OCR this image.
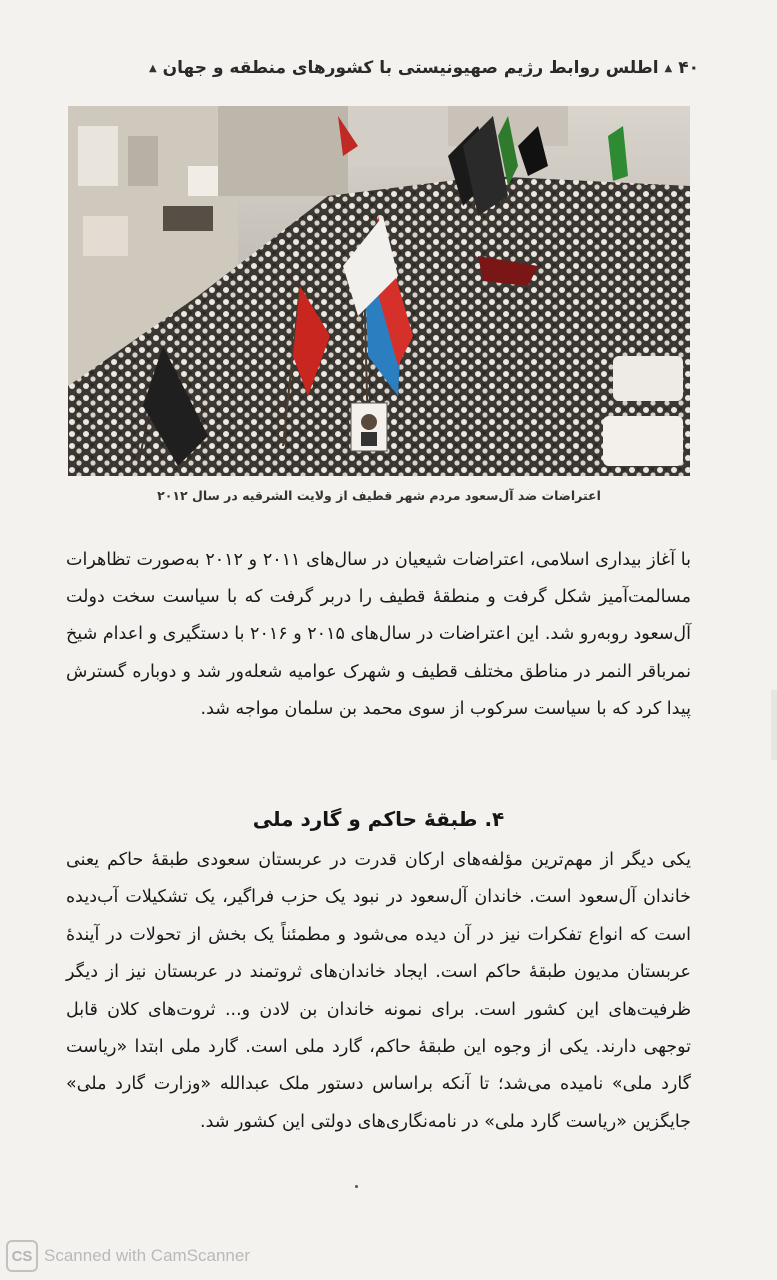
۴۰
▲
اطلس روابط رژیم صهیونیستی با کشورهای منطقه و جهان
▲
اعتراضات ضد آل‌سعود مردم شهر قطیف از ولایت الشرقیه در سال ۲۰۱۲
با آغاز بیداری اسلامی، اعتراضات شیعیان در سال‌های ۲۰۱۱ و ۲۰۱۲ به‌صورت تظاهرات مسالمت‌آمیز شکل گرفت و منطقهٔ قطیف را دربر گرفت که با سیاست سخت دولت آل‌سعود روبه‌رو شد. این اعتراضات در سال‌های ۲۰۱۵ و ۲۰۱۶ با دستگیری و اعدام شیخ نمرباقر النمر در مناطق مختلف قطیف و شهرک عوامیه شعله‌ور شد و دوباره گسترش پیدا کرد که با سیاست سرکوب از سوی محمد بن سلمان مواجه شد.
۴. طبقهٔ حاکم و گارد ملی
یکی دیگر از مهم‌ترین مؤلفه‌های ارکان قدرت در عربستان سعودی طبقهٔ حاکم یعنی خاندان آل‌سعود است. خاندان آل‌سعود در نبود یک حزب فراگیر، یک تشکیلات آب‌دیده است که انواع تفکرات نیز در آن دیده می‌شود و مطمئناً یک بخش از تحولات در آیندهٔ عربستان مدیون طبقهٔ حاکم است. ایجاد خاندان‌های ثروتمند در عربستان نیز از دیگر ظرفیت‌های این کشور است. برای نمونه خاندان بن لادن و... ثروت‌های کلان قابل توجهی دارند. یکی از وجوه این طبقهٔ حاکم، گارد ملی است. گارد ملی ابتدا «ریاست گارد ملی» نامیده می‌شد؛ تا آنکه براساس دستور ملک عبدالله «وزارت گارد ملی» جایگزین «ریاست گارد ملی» در نامه‌نگاری‌های دولتی این کشور شد.
CS Scanned with CamScanner
